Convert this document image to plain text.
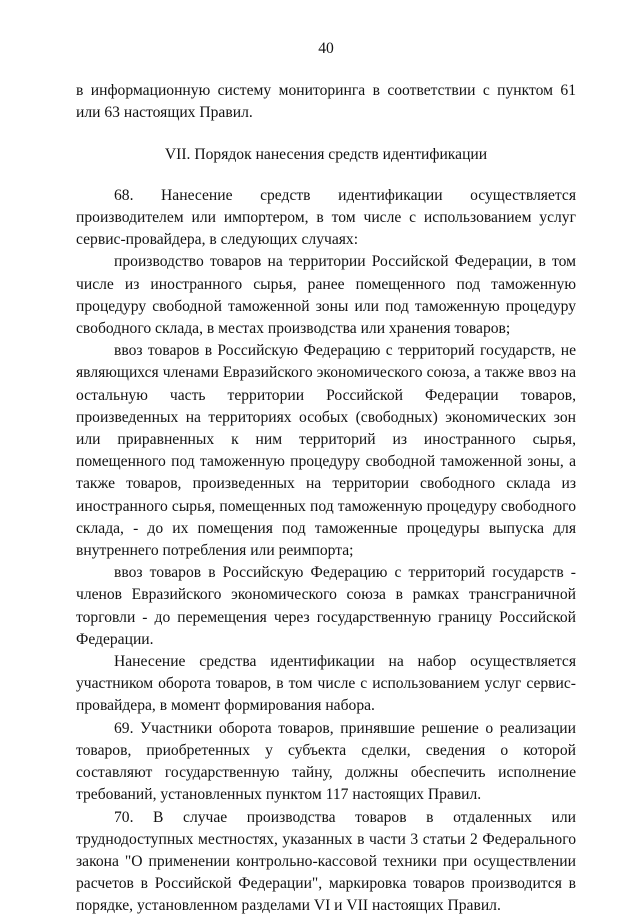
40

в информационную систему мониторинга в соответствии с пунктом 61 или 63 настоящих Правил.

VII. Порядок нанесения средств идентификации

68. Нанесение средств идентификации осуществляется производителем или импортером, в том числе с использованием услуг сервис-провайдера, в следующих случаях:

производство товаров на территории Российской Федерации, в том числе из иностранного сырья, ранее помещенного под таможенную процедуру свободной таможенной зоны или под таможенную процедуру свободного склада, в местах производства или хранения товаров;

ввоз товаров в Российскую Федерацию с территорий государств, не являющихся членами Евразийского экономического союза, а также ввоз на остальную часть территории Российской Федерации товаров, произведенных на территориях особых (свободных) экономических зон или приравненных к ним территорий из иностранного сырья, помещенного под таможенную процедуру свободной таможенной зоны, а также товаров, произведенных на территории свободного склада из иностранного сырья, помещенных под таможенную процедуру свободного склада, - до их помещения под таможенные процедуры выпуска для внутреннего потребления или реимпорта;

ввоз товаров в Российскую Федерацию с территорий государств - членов Евразийского экономического союза в рамках трансграничной торговли - до перемещения через государственную границу Российской Федерации.

Нанесение средства идентификации на набор осуществляется участником оборота товаров, в том числе с использованием услуг сервис-провайдера, в момент формирования набора.

69. Участники оборота товаров, принявшие решение о реализации товаров, приобретенных у субъекта сделки, сведения о которой составляют государственную тайну, должны обеспечить исполнение требований, установленных пунктом 117 настоящих Правил.

70. В случае производства товаров в отдаленных или труднодоступных местностях, указанных в части 3 статьи 2 Федерального закона "О применении контрольно-кассовой техники при осуществлении расчетов в Российской Федерации", маркировка товаров производится в порядке, установленном разделами VI и VII настоящих Правил.
